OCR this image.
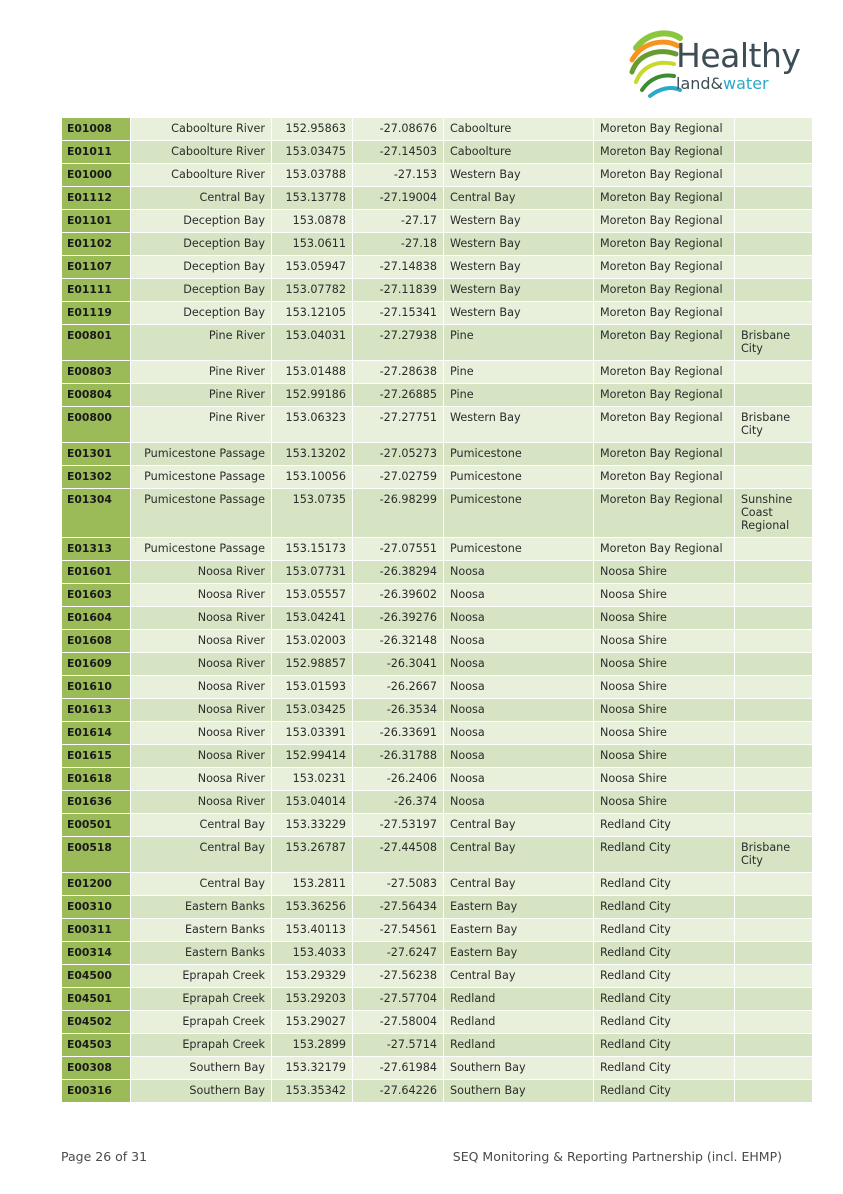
Healthy
land&water
E01008	Caboolture River	152.95863	-27.08676	Caboolture	Moreton Bay Regional	
E01011	Caboolture River	153.03475	-27.14503	Caboolture	Moreton Bay Regional	
E01000	Caboolture River	153.03788	-27.153	Western Bay	Moreton Bay Regional	
E01112	Central Bay	153.13778	-27.19004	Central Bay	Moreton Bay Regional	
E01101	Deception Bay	153.0878	-27.17	Western Bay	Moreton Bay Regional	
E01102	Deception Bay	153.0611	-27.18	Western Bay	Moreton Bay Regional	
E01107	Deception Bay	153.05947	-27.14838	Western Bay	Moreton Bay Regional	
E01111	Deception Bay	153.07782	-27.11839	Western Bay	Moreton Bay Regional	
E01119	Deception Bay	153.12105	-27.15341	Western Bay	Moreton Bay Regional	
E00801	Pine River	153.04031	-27.27938	Pine	Moreton Bay Regional	Brisbane City
E00803	Pine River	153.01488	-27.28638	Pine	Moreton Bay Regional	
E00804	Pine River	152.99186	-27.26885	Pine	Moreton Bay Regional	
E00800	Pine River	153.06323	-27.27751	Western Bay	Moreton Bay Regional	Brisbane City
E01301	Pumicestone Passage	153.13202	-27.05273	Pumicestone	Moreton Bay Regional	
E01302	Pumicestone Passage	153.10056	-27.02759	Pumicestone	Moreton Bay Regional	
E01304	Pumicestone Passage	153.0735	-26.98299	Pumicestone	Moreton Bay Regional	Sunshine Coast Regional
E01313	Pumicestone Passage	153.15173	-27.07551	Pumicestone	Moreton Bay Regional	
E01601	Noosa River	153.07731	-26.38294	Noosa	Noosa Shire	
E01603	Noosa River	153.05557	-26.39602	Noosa	Noosa Shire	
E01604	Noosa River	153.04241	-26.39276	Noosa	Noosa Shire	
E01608	Noosa River	153.02003	-26.32148	Noosa	Noosa Shire	
E01609	Noosa River	152.98857	-26.3041	Noosa	Noosa Shire	
E01610	Noosa River	153.01593	-26.2667	Noosa	Noosa Shire	
E01613	Noosa River	153.03425	-26.3534	Noosa	Noosa Shire	
E01614	Noosa River	153.03391	-26.33691	Noosa	Noosa Shire	
E01615	Noosa River	152.99414	-26.31788	Noosa	Noosa Shire	
E01618	Noosa River	153.0231	-26.2406	Noosa	Noosa Shire	
E01636	Noosa River	153.04014	-26.374	Noosa	Noosa Shire	
E00501	Central Bay	153.33229	-27.53197	Central Bay	Redland City	
E00518	Central Bay	153.26787	-27.44508	Central Bay	Redland City	Brisbane City
E01200	Central Bay	153.2811	-27.5083	Central Bay	Redland City	
E00310	Eastern Banks	153.36256	-27.56434	Eastern Bay	Redland City	
E00311	Eastern Banks	153.40113	-27.54561	Eastern Bay	Redland City	
E00314	Eastern Banks	153.4033	-27.6247	Eastern Bay	Redland City	
E04500	Eprapah Creek	153.29329	-27.56238	Central Bay	Redland City	
E04501	Eprapah Creek	153.29203	-27.57704	Redland	Redland City	
E04502	Eprapah Creek	153.29027	-27.58004	Redland	Redland City	
E04503	Eprapah Creek	153.2899	-27.5714	Redland	Redland City	
E00308	Southern Bay	153.32179	-27.61984	Southern Bay	Redland City	
E00316	Southern Bay	153.35342	-27.64226	Southern Bay	Redland City	
Page 26 of 31	SEQ Monitoring & Reporting Partnership (incl. EHMP)
